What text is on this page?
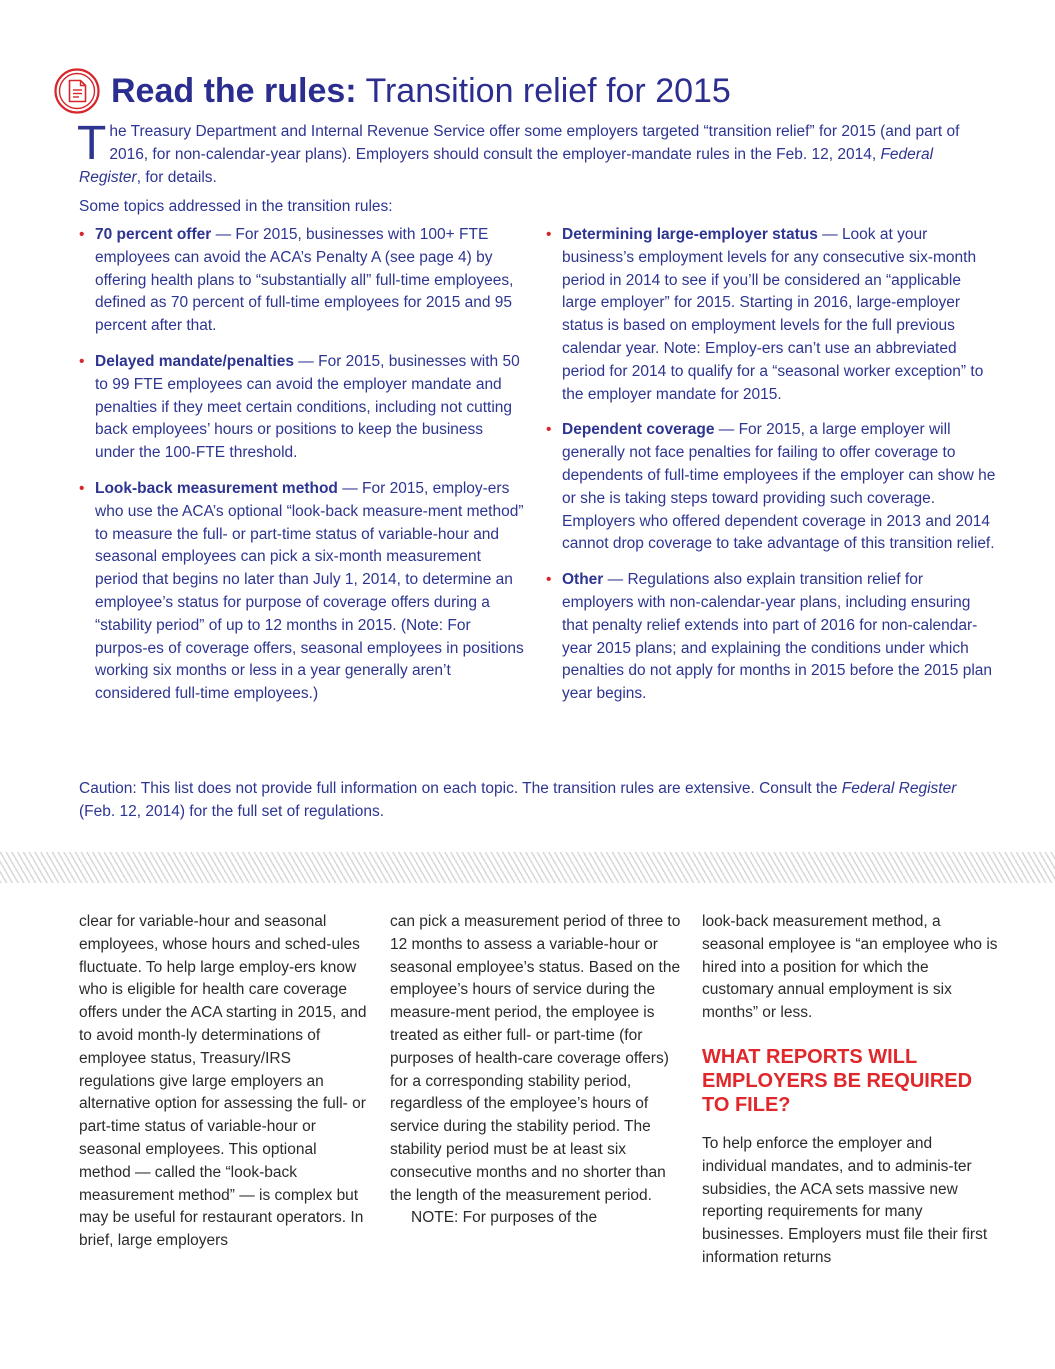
Read the rules: Transition relief for 2015

The Treasury Department and Internal Revenue Service offer some employers targeted “transition relief” for 2015 (and part of 2016, for non-calendar-year plans). Employers should consult the employer-mandate rules in the Feb. 12, 2014, Federal Register, for details.

Some topics addressed in the transition rules:

• 70 percent offer — For 2015, businesses with 100+ FTE employees can avoid the ACA’s Penalty A (see page 4) by offering health plans to “substantially all” full-time employees, defined as 70 percent of full-time employees for 2015 and 95 percent after that.
• Delayed mandate/penalties — For 2015, businesses with 50 to 99 FTE employees can avoid the employer mandate and penalties if they meet certain conditions, including not cutting back employees’ hours or positions to keep the business under the 100-FTE threshold.
• Look-back measurement method — For 2015, employ-ers who use the ACA’s optional “look-back measure-ment method” to measure the full- or part-time status of variable-hour and seasonal employees can pick a six-month measurement period that begins no later than July 1, 2014, to determine an employee’s status for purpose of coverage offers during a “stability period” of up to 12 months in 2015. (Note: For purpos-es of coverage offers, seasonal employees in positions working six months or less in a year generally aren’t considered full-time employees.)
• Determining large-employer status — Look at your business’s employment levels for any consecutive six-month period in 2014 to see if you’ll be considered an “applicable large employer” for 2015. Starting in 2016, large-employer status is based on employment levels for the full previous calendar year. Note: Employ-ers can’t use an abbreviated period for 2014 to qualify for a “seasonal worker exception” to the employer mandate for 2015.
• Dependent coverage — For 2015, a large employer will generally not face penalties for failing to offer coverage to dependents of full-time employees if the employer can show he or she is taking steps toward providing such coverage. Employers who offered dependent coverage in 2013 and 2014 cannot drop coverage to take advantage of this transition relief.
• Other — Regulations also explain transition relief for employers with non-calendar-year plans, including ensuring that penalty relief extends into part of 2016 for non-calendar-year 2015 plans; and explaining the conditions under which penalties do not apply for months in 2015 before the 2015 plan year begins.

Caution: This list does not provide full information on each topic. The transition rules are extensive. Consult the Federal Register (Feb. 12, 2014) for the full set of regulations.

clear for variable-hour and seasonal employees, whose hours and sched-ules fluctuate. To help large employ-ers know who is eligible for health care coverage offers under the ACA starting in 2015, and to avoid month-ly determinations of employee status, Treasury/IRS regulations give large employers an alternative option for assessing the full- or part-time status of variable-hour or seasonal employees. This optional method — called the “look-back measurement method” — is complex but may be useful for restaurant operators. In brief, large employers

can pick a measurement period of three to 12 months to assess a variable-hour or seasonal employee’s status. Based on the employee’s hours of service during the measure-ment period, the employee is treated as either full- or part-time (for purposes of health-care coverage offers) for a corresponding stability period, regardless of the employee’s hours of service during the stability period. The stability period must be at least six consecutive months and no shorter than the length of the measurement period.

NOTE: For purposes of the

look-back measurement method, a seasonal employee is “an employee who is hired into a position for which the customary annual employment is six months” or less.

WHAT REPORTS WILL EMPLOYERS BE REQUIRED TO FILE?

To help enforce the employer and individual mandates, and to adminis-ter subsidies, the ACA sets massive new reporting requirements for many businesses. Employers must file their first information returns
